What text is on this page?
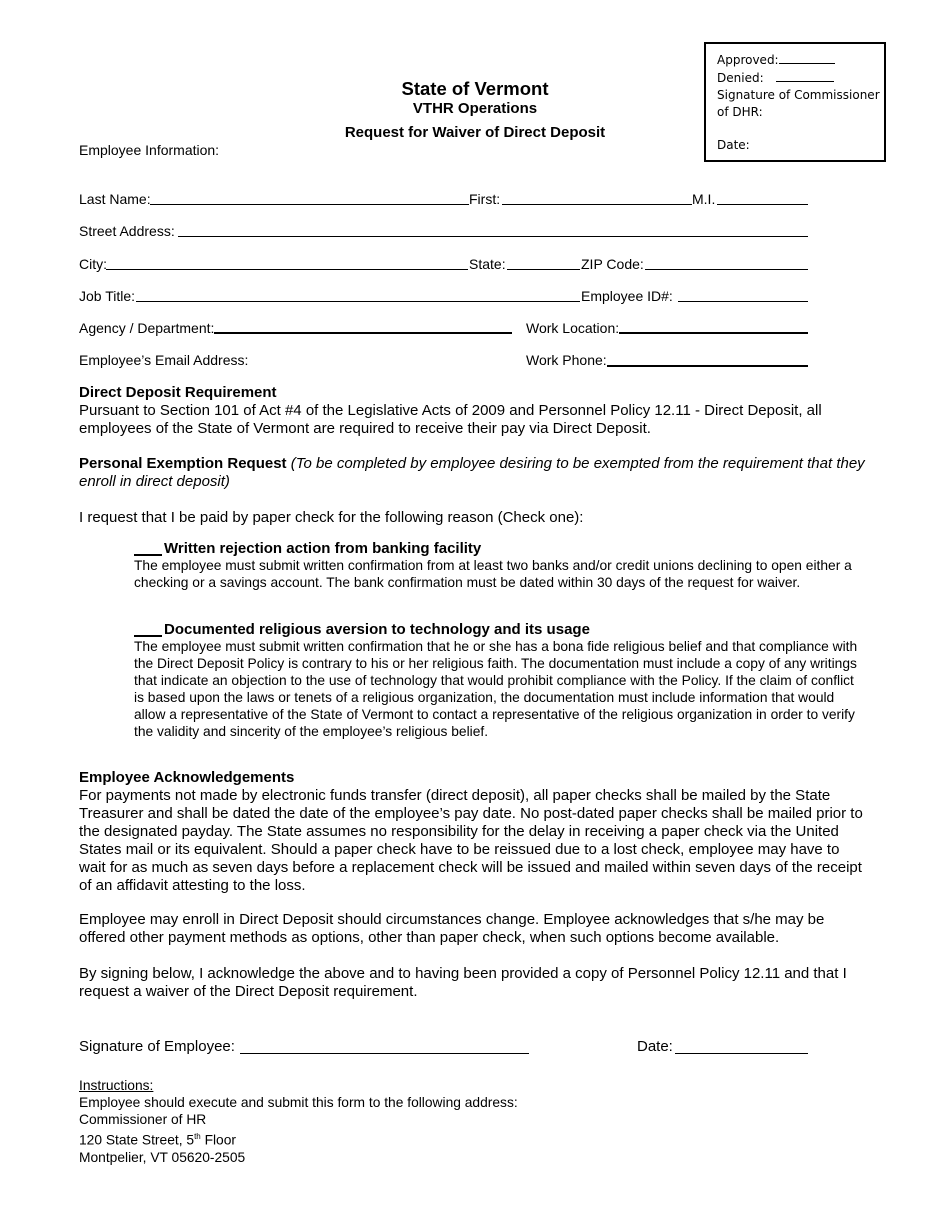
Approved:
Denied:
Signature of Commissioner of DHR:
Date:
State of Vermont
VTHR Operations
Request for Waiver of Direct Deposit
Employee Information:
Last Name:	First:	M.I.
Street Address:
City:	State:	ZIP Code:
Job Title:	Employee ID#:
Agency / Department:	Work Location:
Employee’s Email Address:	Work Phone:
Direct Deposit Requirement
Pursuant to Section 101 of Act #4 of the Legislative Acts of 2009 and Personnel Policy 12.11 - Direct Deposit, all employees of the State of Vermont are required to receive their pay via Direct Deposit.
Personal Exemption Request (To be completed by employee desiring to be exempted from the requirement that they enroll in direct deposit)
I request that I be paid by paper check for the following reason (Check one):
Written rejection action from banking facility
The employee must submit written confirmation from at least two banks and/or credit unions declining to open either a checking or a savings account. The bank confirmation must be dated within 30 days of the request for waiver.
Documented religious aversion to technology and its usage
The employee must submit written confirmation that he or she has a bona fide religious belief and that compliance with the Direct Deposit Policy is contrary to his or her religious faith. The documentation must include a copy of any writings that indicate an objection to the use of technology that would prohibit compliance with the Policy. If the claim of conflict is based upon the laws or tenets of a religious organization, the documentation must include information that would allow a representative of the State of Vermont to contact a representative of the religious organization in order to verify the validity and sincerity of the employee’s religious belief.
Employee Acknowledgements
For payments not made by electronic funds transfer (direct deposit), all paper checks shall be mailed by the State Treasurer and shall be dated the date of the employee’s pay date. No post-dated paper checks shall be mailed prior to the designated payday. The State assumes no responsibility for the delay in receiving a paper check via the United States mail or its equivalent. Should a paper check have to be reissued due to a lost check, employee may have to wait for as much as seven days before a replacement check will be issued and mailed within seven days of the receipt of an affidavit attesting to the loss.
Employee may enroll in Direct Deposit should circumstances change. Employee acknowledges that s/he may be offered other payment methods as options, other than paper check, when such options become available.
By signing below, I acknowledge the above and to having been provided a copy of Personnel Policy 12.11 and that I request a waiver of the Direct Deposit requirement.
Signature of Employee:	Date:
Instructions:
Employee should execute and submit this form to the following address:
Commissioner of HR
120 State Street, 5th Floor
Montpelier, VT 05620-2505
